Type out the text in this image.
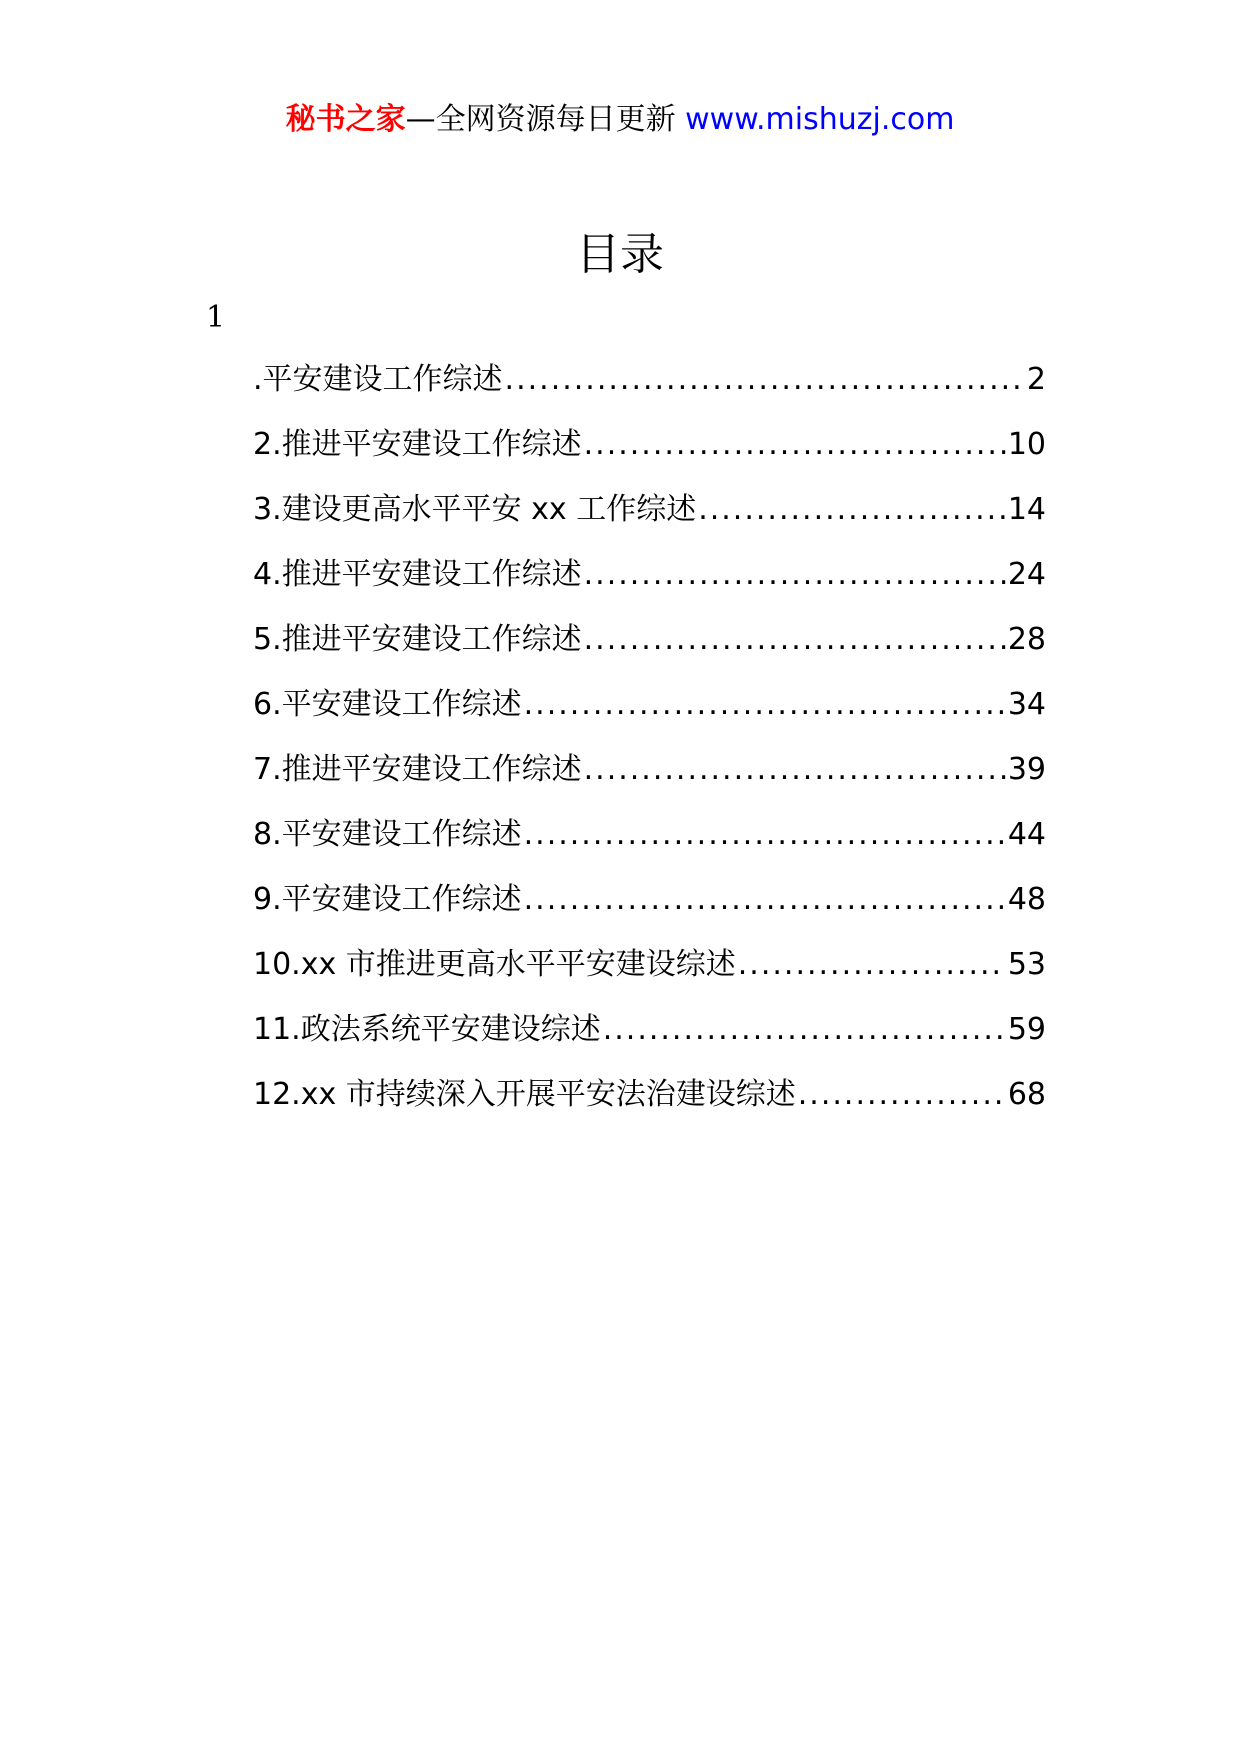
秘书之家—全网资源每日更新 www.mishuzj.com
目录
1
.平安建设工作综述 .....	2
2.推进平安建设工作综述 .....	10
3.建设更高水平平安 xx 工作综述 .....	14
4.推进平安建设工作综述 .....	24
5.推进平安建设工作综述 .....	28
6.平安建设工作综述 .....	34
7.推进平安建设工作综述 .....	39
8.平安建设工作综述 .....	44
9.平安建设工作综述 .....	48
10.xx 市推进更高水平平安建设综述 .....	53
11.政法系统平安建设综述 .....	59
12.xx 市持续深入开展平安法治建设综述 .....	68
